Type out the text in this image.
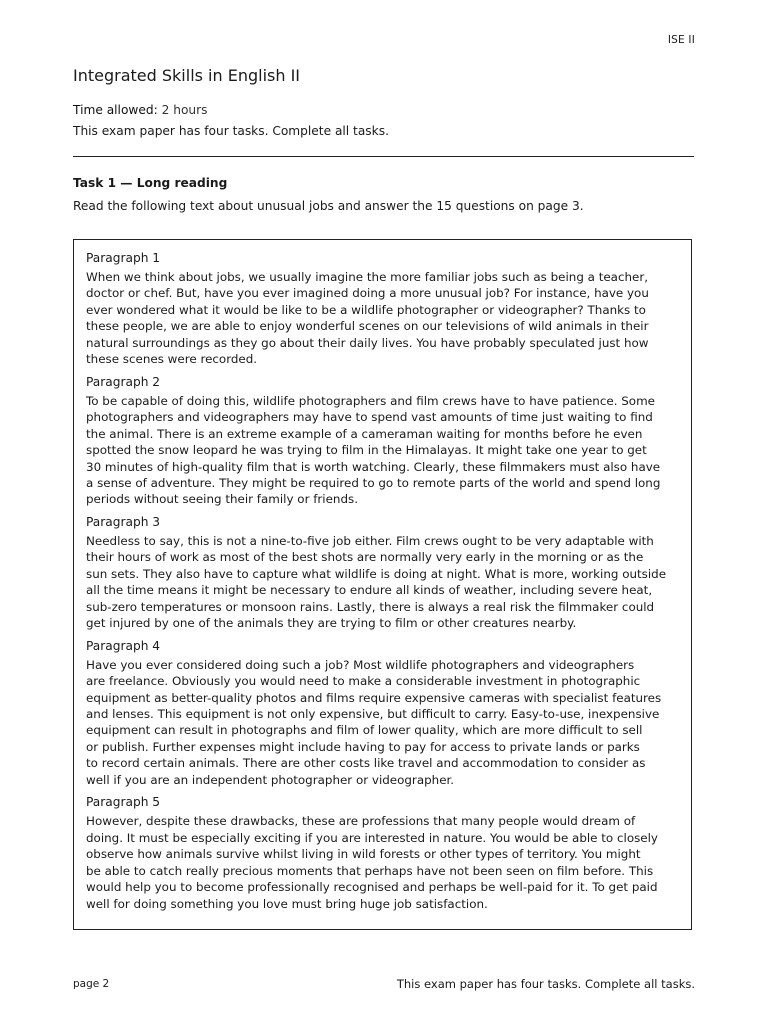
ISE II
Integrated Skills in English II
Time allowed: 2 hours
This exam paper has four tasks. Complete all tasks.
Task 1 — Long reading
Read the following text about unusual jobs and answer the 15 questions on page 3.

Paragraph 1

When we think about jobs, we usually imagine the more familiar jobs such as being a teacher,
doctor or chef. But, have you ever imagined doing a more unusual job? For instance, have you
ever wondered what it would be like to be a wildlife photographer or videographer? Thanks to
these people, we are able to enjoy wonderful scenes on our televisions of wild animals in their
natural surroundings as they go about their daily lives. You have probably speculated just how
these scenes were recorded.

Paragraph 2

To be capable of doing this, wildlife photographers and film crews have to have patience. Some
photographers and videographers may have to spend vast amounts of time just waiting to find
the animal. There is an extreme example of a cameraman waiting for months before he even
spotted the snow leopard he was trying to film in the Himalayas. It might take one year to get
30 minutes of high-quality film that is worth watching. Clearly, these filmmakers must also have
a sense of adventure. They might be required to go to remote parts of the world and spend long
periods without seeing their family or friends.

Paragraph 3

Needless to say, this is not a nine-to-five job either. Film crews ought to be very adaptable with
their hours of work as most of the best shots are normally very early in the morning or as the
sun sets. They also have to capture what wildlife is doing at night. What is more, working outside
all the time means it might be necessary to endure all kinds of weather, including severe heat,
sub-zero temperatures or monsoon rains. Lastly, there is always a real risk the filmmaker could
get injured by one of the animals they are trying to film or other creatures nearby.

Paragraph 4

Have you ever considered doing such a job? Most wildlife photographers and videographers
are freelance. Obviously you would need to make a considerable investment in photographic
equipment as better-quality photos and films require expensive cameras with specialist features
and lenses. This equipment is not only expensive, but difficult to carry. Easy-to-use, inexpensive
equipment can result in photographs and film of lower quality, which are more difficult to sell
or publish. Further expenses might include having to pay for access to private lands or parks
to record certain animals. There are other costs like travel and accommodation to consider as
well if you are an independent photographer or videographer.

Paragraph 5

However, despite these drawbacks, these are professions that many people would dream of
doing. It must be especially exciting if you are interested in nature. You would be able to closely
observe how animals survive whilst living in wild forests or other types of territory. You might
be able to catch really precious moments that perhaps have not been seen on film before. This
would help you to become professionally recognised and perhaps be well-paid for it. To get paid
well for doing something you love must bring huge job satisfaction.

page 2	This exam paper has four tasks. Complete all tasks.
